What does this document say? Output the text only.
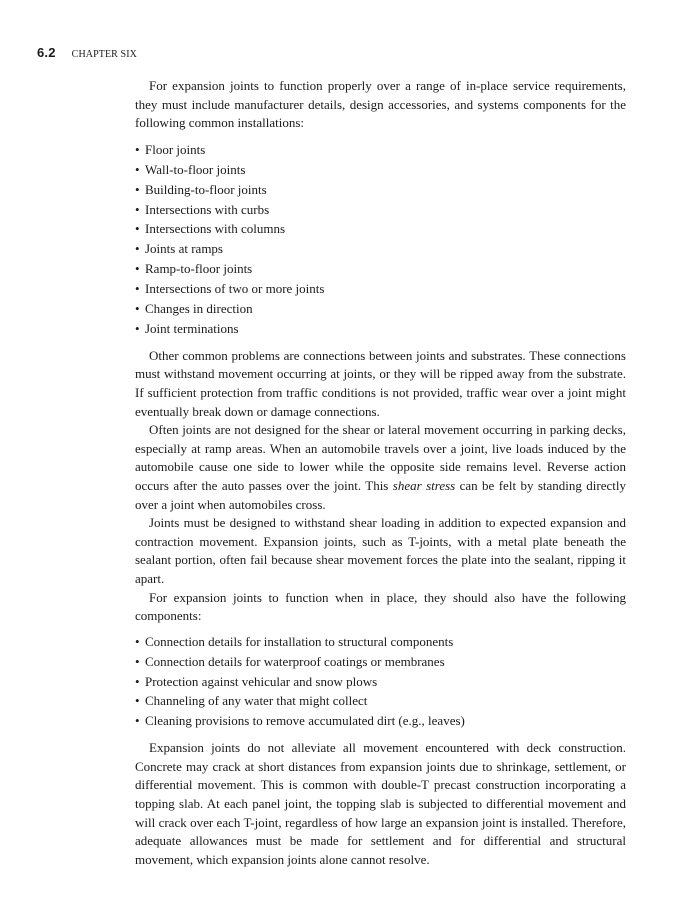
6.2 CHAPTER SIX

For expansion joints to function properly over a range of in-place service requirements, they must include manufacturer details, design accessories, and systems components for the following common installations:

• Floor joints
• Wall-to-floor joints
• Building-to-floor joints
• Intersections with curbs
• Intersections with columns
• Joints at ramps
• Ramp-to-floor joints
• Intersections of two or more joints
• Changes in direction
• Joint terminations

Other common problems are connections between joints and substrates. These connections must withstand movement occurring at joints, or they will be ripped away from the substrate. If sufficient protection from traffic conditions is not provided, traffic wear over a joint might eventually break down or damage connections.

Often joints are not designed for the shear or lateral movement occurring in parking decks, especially at ramp areas. When an automobile travels over a joint, live loads induced by the automobile cause one side to lower while the opposite side remains level. Reverse action occurs after the auto passes over the joint. This shear stress can be felt by standing directly over a joint when automobiles cross.

Joints must be designed to withstand shear loading in addition to expected expansion and contraction movement. Expansion joints, such as T-joints, with a metal plate beneath the sealant portion, often fail because shear movement forces the plate into the sealant, ripping it apart.

For expansion joints to function when in place, they should also have the following components:

• Connection details for installation to structural components
• Connection details for waterproof coatings or membranes
• Protection against vehicular and snow plows
• Channeling of any water that might collect
• Cleaning provisions to remove accumulated dirt (e.g., leaves)

Expansion joints do not alleviate all movement encountered with deck construction. Concrete may crack at short distances from expansion joints due to shrinkage, settlement, or differential movement. This is common with double-T precast construction incorporating a topping slab. At each panel joint, the topping slab is subjected to differential movement and will crack over each T-joint, regardless of how large an expansion joint is installed. Therefore, adequate allowances must be made for settlement and for differential and structural movement, which expansion joints alone cannot resolve.
